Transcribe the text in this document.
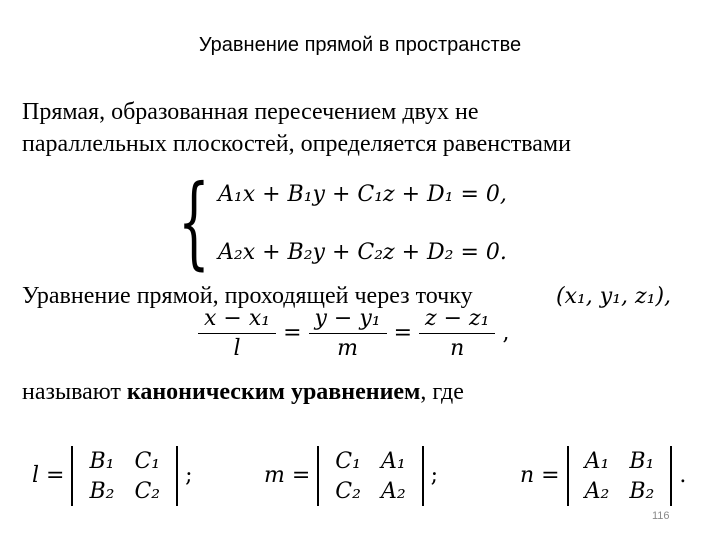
Уравнение прямой в пространстве
Прямая, образованная пересечением двух не
параллельных плоскостей, определяется равенствами
{ A₁x + B₁y + C₁z + D₁ = 0,
A₂x + B₂y + C₂z + D₂ = 0.
Уравнение прямой, проходящей через точку	(x₁, y₁, z₁),
$\frac{\text{x − x₁}}{l} = \frac{\text{y − y₁}}{m} = \frac{\text{z − z₁}}{n}$ ,
называют каноническим уравнением, где
l =
B₁	C₁
B₂	C₂
;	m =
C₁	A₁
C₂	A₂
;	n =
A₁	B₁
A₂	B₂
.
116
